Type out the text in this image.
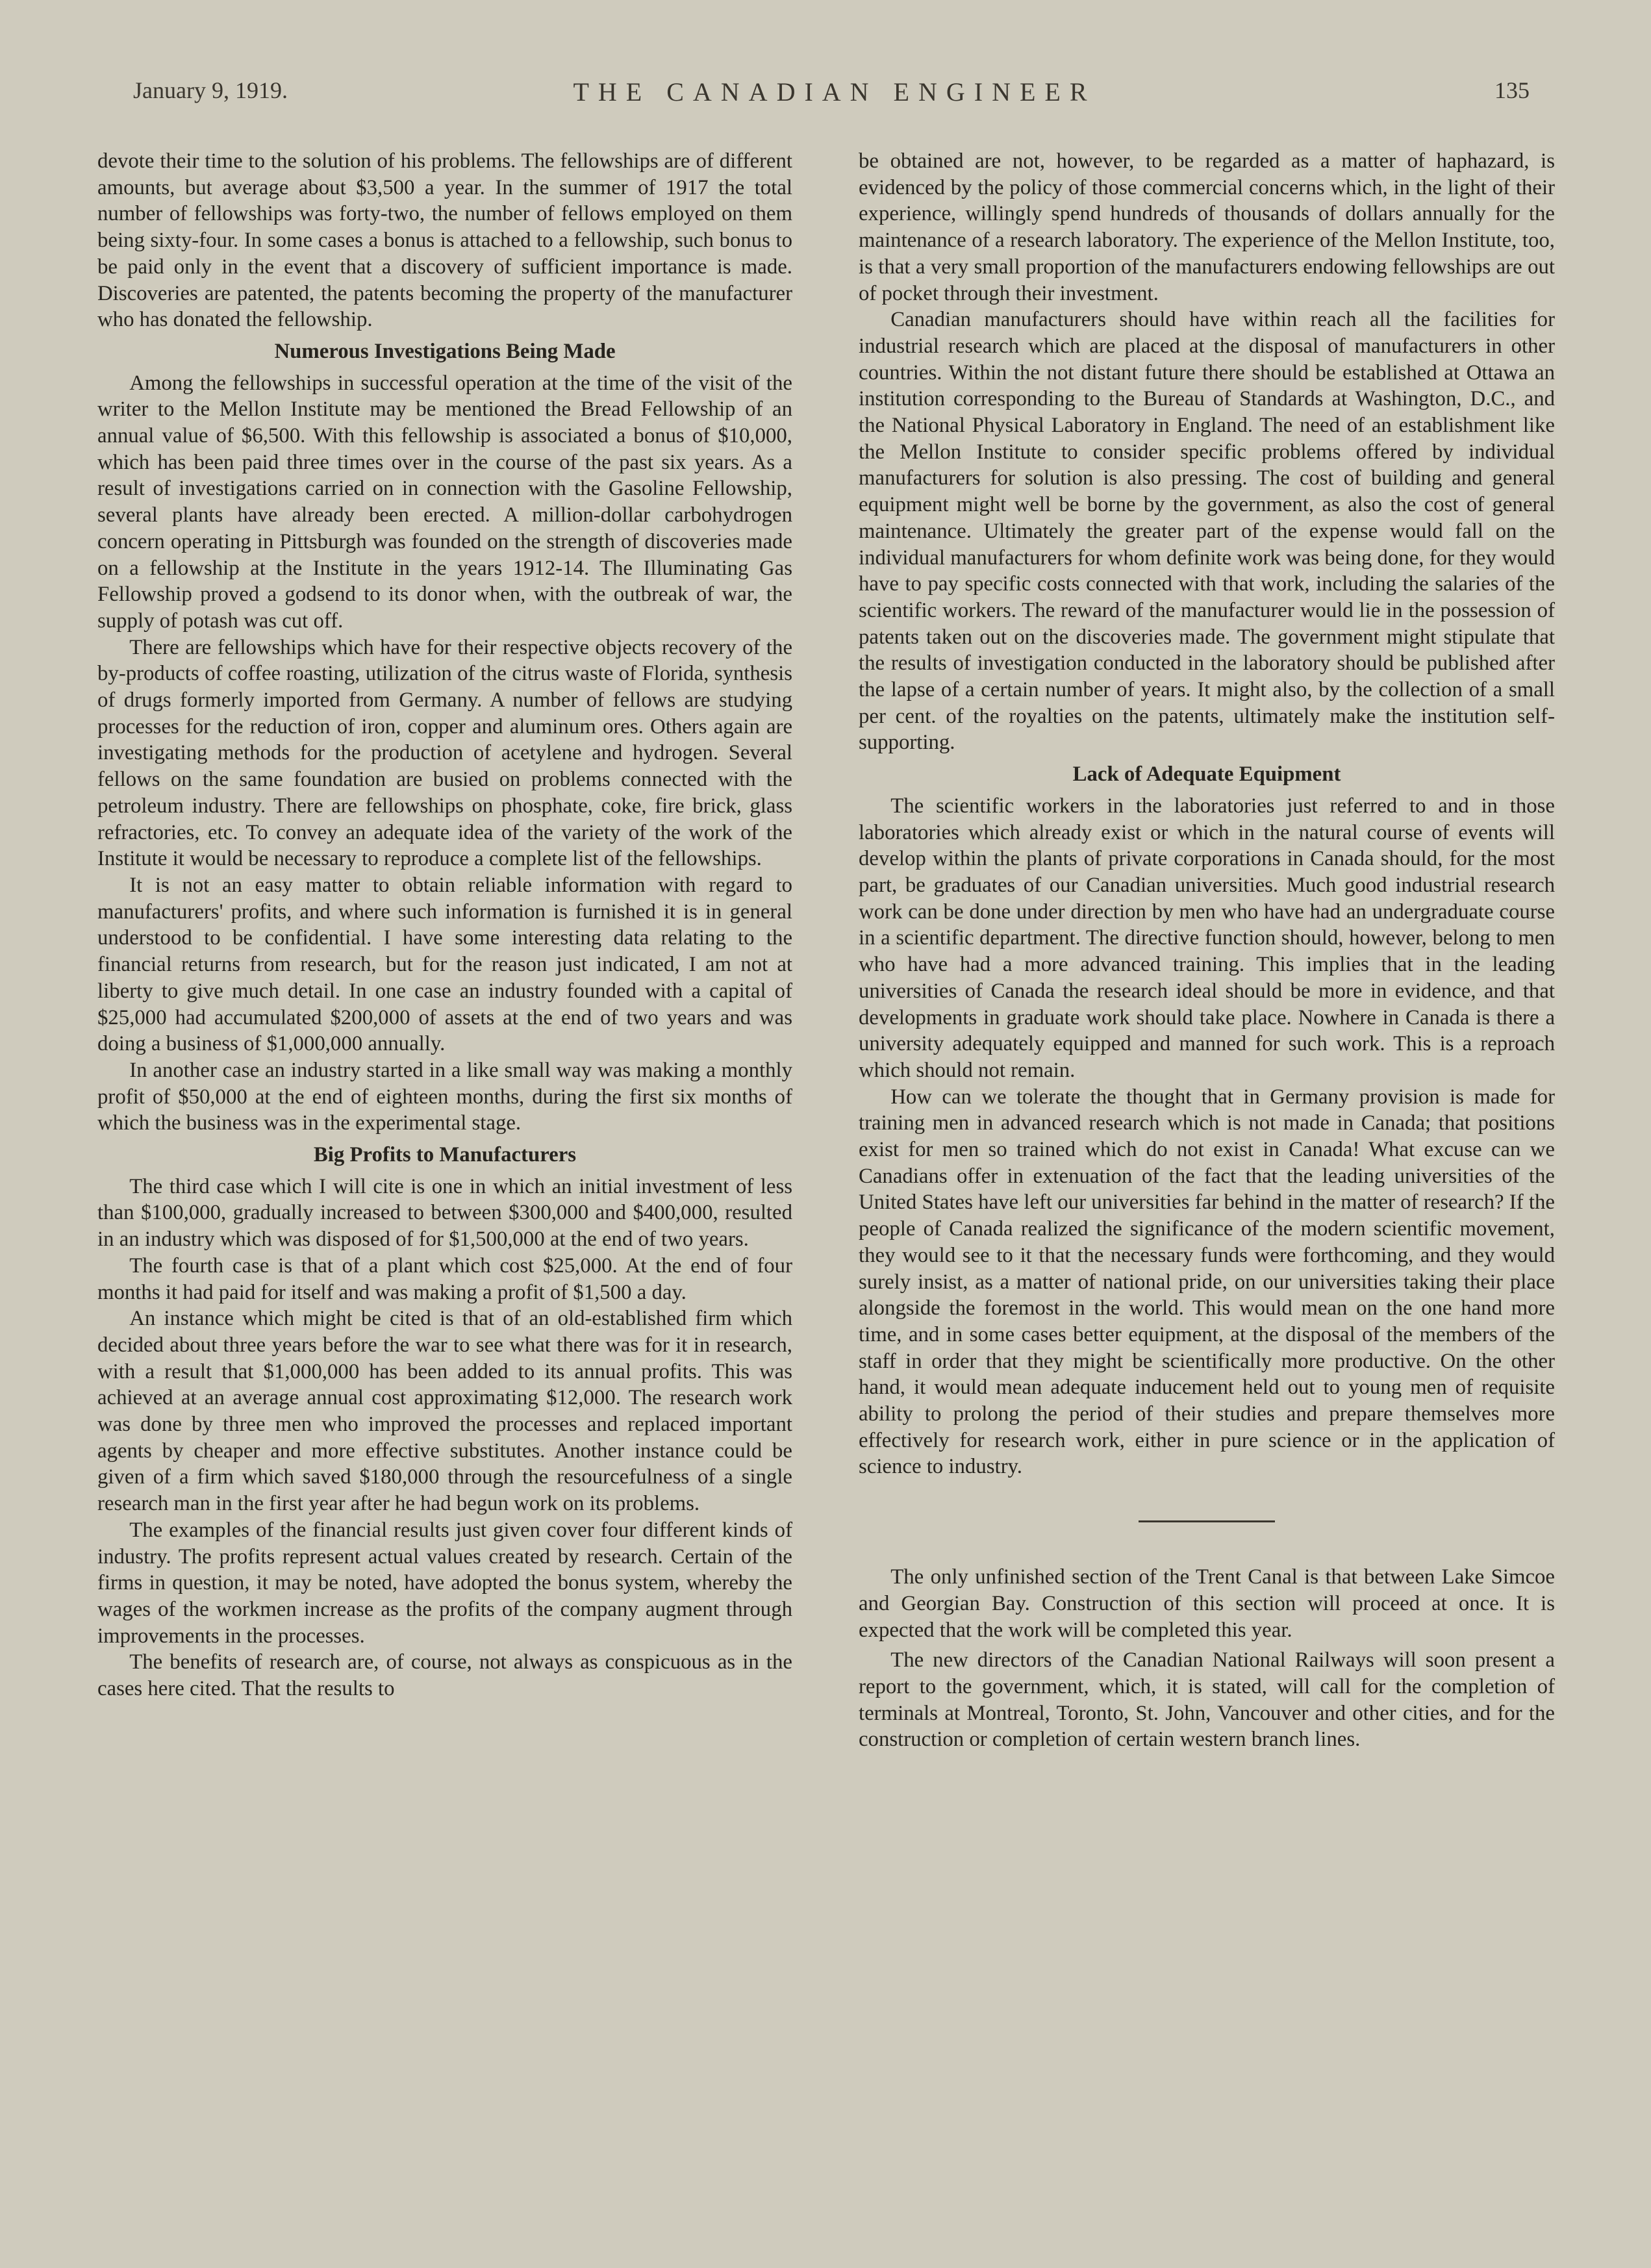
January 9, 1919.	THE CANADIAN ENGINEER	135

devote their time to the solution of his problems. The fellowships are of different amounts, but average about $3,500 a year. In the summer of 1917 the total number of fellowships was forty-two, the number of fellows employed on them being sixty-four. In some cases a bonus is attached to a fellowship, such bonus to be paid only in the event that a discovery of sufficient importance is made. Discoveries are patented, the patents becoming the property of the manufacturer who has donated the fellowship.

Numerous Investigations Being Made

Among the fellowships in successful operation at the time of the visit of the writer to the Mellon Institute may be mentioned the Bread Fellowship of an annual value of $6,500. With this fellowship is associated a bonus of $10,000, which has been paid three times over in the course of the past six years. As a result of investigations carried on in connection with the Gasoline Fellowship, several plants have already been erected. A million-dollar carbohydrogen concern operating in Pittsburgh was founded on the strength of discoveries made on a fellowship at the Institute in the years 1912-14. The Illuminating Gas Fellowship proved a godsend to its donor when, with the outbreak of war, the supply of potash was cut off.

There are fellowships which have for their respective objects recovery of the by-products of coffee roasting, utilization of the citrus waste of Florida, synthesis of drugs formerly imported from Germany. A number of fellows are studying processes for the reduction of iron, copper and aluminum ores. Others again are investigating methods for the production of acetylene and hydrogen. Several fellows on the same foundation are busied on problems connected with the petroleum industry. There are fellowships on phosphate, coke, fire brick, glass refractories, etc. To convey an adequate idea of the variety of the work of the Institute it would be necessary to reproduce a complete list of the fellowships.

It is not an easy matter to obtain reliable information with regard to manufacturers' profits, and where such information is furnished it is in general understood to be confidential. I have some interesting data relating to the financial returns from research, but for the reason just indicated, I am not at liberty to give much detail. In one case an industry founded with a capital of $25,000 had accumulated $200,000 of assets at the end of two years and was doing a business of $1,000,000 annually.

In another case an industry started in a like small way was making a monthly profit of $50,000 at the end of eighteen months, during the first six months of which the business was in the experimental stage.

Big Profits to Manufacturers

The third case which I will cite is one in which an initial investment of less than $100,000, gradually increased to between $300,000 and $400,000, resulted in an industry which was disposed of for $1,500,000 at the end of two years.

The fourth case is that of a plant which cost $25,000. At the end of four months it had paid for itself and was making a profit of $1,500 a day.

An instance which might be cited is that of an old-established firm which decided about three years before the war to see what there was for it in research, with a result that $1,000,000 has been added to its annual profits. This was achieved at an average annual cost approximating $12,000. The research work was done by three men who improved the processes and replaced important agents by cheaper and more effective substitutes. Another instance could be given of a firm which saved $180,000 through the resourcefulness of a single research man in the first year after he had begun work on its problems.

The examples of the financial results just given cover four different kinds of industry. The profits represent actual values created by research. Certain of the firms in question, it may be noted, have adopted the bonus system, whereby the wages of the workmen increase as the profits of the company augment through improvements in the processes.

The benefits of research are, of course, not always as conspicuous as in the cases here cited. That the results to

be obtained are not, however, to be regarded as a matter of haphazard, is evidenced by the policy of those commercial concerns which, in the light of their experience, willingly spend hundreds of thousands of dollars annually for the maintenance of a research laboratory. The experience of the Mellon Institute, too, is that a very small proportion of the manufacturers endowing fellowships are out of pocket through their investment.

Canadian manufacturers should have within reach all the facilities for industrial research which are placed at the disposal of manufacturers in other countries. Within the not distant future there should be established at Ottawa an institution corresponding to the Bureau of Standards at Washington, D.C., and the National Physical Laboratory in England. The need of an establishment like the Mellon Institute to consider specific problems offered by individual manufacturers for solution is also pressing. The cost of building and general equipment might well be borne by the government, as also the cost of general maintenance. Ultimately the greater part of the expense would fall on the individual manufacturers for whom definite work was being done, for they would have to pay specific costs connected with that work, including the salaries of the scientific workers. The reward of the manufacturer would lie in the possession of patents taken out on the discoveries made. The government might stipulate that the results of investigation conducted in the laboratory should be published after the lapse of a certain number of years. It might also, by the collection of a small per cent. of the royalties on the patents, ultimately make the institution self-supporting.

Lack of Adequate Equipment

The scientific workers in the laboratories just referred to and in those laboratories which already exist or which in the natural course of events will develop within the plants of private corporations in Canada should, for the most part, be graduates of our Canadian universities. Much good industrial research work can be done under direction by men who have had an undergraduate course in a scientific department. The directive function should, however, belong to men who have had a more advanced training. This implies that in the leading universities of Canada the research ideal should be more in evidence, and that developments in graduate work should take place. Nowhere in Canada is there a university adequately equipped and manned for such work. This is a reproach which should not remain.

How can we tolerate the thought that in Germany provision is made for training men in advanced research which is not made in Canada; that positions exist for men so trained which do not exist in Canada! What excuse can we Canadians offer in extenuation of the fact that the leading universities of the United States have left our universities far behind in the matter of research? If the people of Canada realized the significance of the modern scientific movement, they would see to it that the necessary funds were forthcoming, and they would surely insist, as a matter of national pride, on our universities taking their place alongside the foremost in the world. This would mean on the one hand more time, and in some cases better equipment, at the disposal of the members of the staff in order that they might be scientifically more productive. On the other hand, it would mean adequate inducement held out to young men of requisite ability to prolong the period of their studies and prepare themselves more effectively for research work, either in pure science or in the application of science to industry.

The only unfinished section of the Trent Canal is that between Lake Simcoe and Georgian Bay. Construction of this section will proceed at once. It is expected that the work will be completed this year.

The new directors of the Canadian National Railways will soon present a report to the government, which, it is stated, will call for the completion of terminals at Montreal, Toronto, St. John, Vancouver and other cities, and for the construction or completion of certain western branch lines.
